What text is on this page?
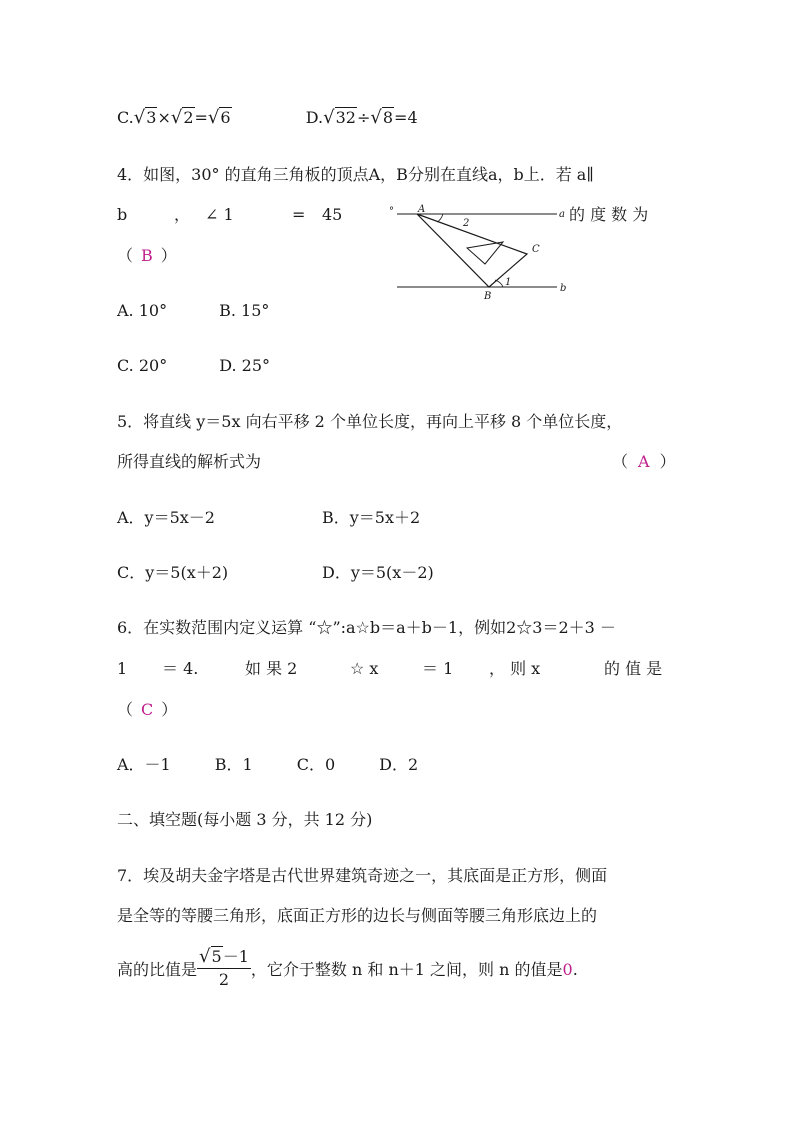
C.√3×√2=√6	D.√32÷√8=4
4．如图，30° 的直角三角板的顶点A，B分别在直线a，b上．若 a∥
b	， ∠ 1	= 45	的 度 数 为
（ B ）
° A
2
a
C
1
B
b
A. 10°	B. 15°
C. 20°	D. 25°
5．将直线 y＝5x 向右平移 2 个单位长度，再向上平移 8 个单位长度，
所得直线的解析式为	（ A ）
A．y＝5x－2	B．y＝5x＋2
C．y＝5(x＋2)	D．y＝5(x－2)
6．在实数范围内定义运算 “☆”:a☆b＝a＋b－1，例如2☆3＝2＋3 －
1 ＝ 4.	如 果 2	☆ x	＝ 1 ， 则 x	的 值 是
（ C ）
A．－1	B．1	C．0	D．2
二、填空题(每小题 3 分，共 12 分)
7．埃及胡夫金字塔是古代世界建筑奇迹之一，其底面是正方形，侧面
是全等的等腰三角形，底面正方形的边长与侧面等腰三角形底边上的
高的比值是 $\frac{√5-1}{2}$ ，它介于整数 n 和 n＋1 之间，则 n 的值是0.
